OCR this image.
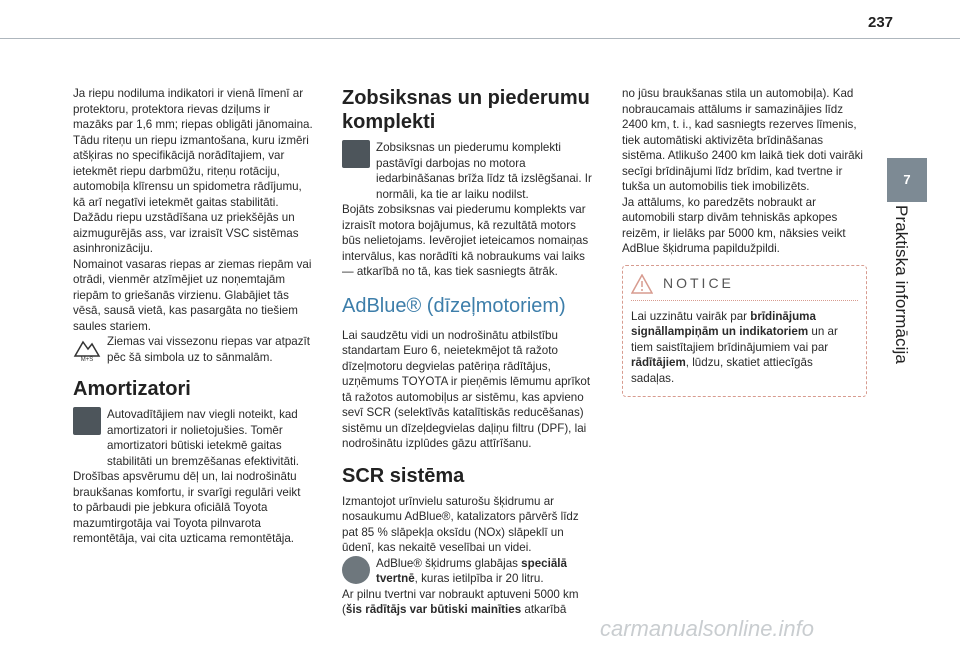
237
7
Praktiska informācija

Ja riepu nodiluma indikatori ir vienā līmenī ar protektoru, protektora rievas dziļums ir mazāks par 1,6 mm; riepas obligāti jānomaina.

Tādu riteņu un riepu izmantošana, kuru izmēri atšķiras no specifikācijā norādītajiem, var ietekmēt riepu darbmūžu, riteņu rotāciju, automobiļa klīrensu un spidometra rādījumu, kā arī negatīvi ietekmēt gaitas stabilitāti.

Dažādu riepu uzstādīšana uz priekšējās un aizmugurējās ass, var izraisīt VSC sistēmas asinhronizāciju.

Nomainot vasaras riepas ar ziemas riepām vai otrādi, vienmēr atzīmējiet uz noņemtajām riepām to griešanās virzienu. Glabājiet tās vēsā, sausā vietā, kas pasargāta no tiešiem saules stariem.

M+S

Ziemas vai vissezonu riepas var atpazīt pēc šā simbola uz to sānmalām.

Amortizatori

Autovadītājiem nav viegli noteikt, kad amortizatori ir nolietojušies. Tomēr amortizatori būtiski ietekmē gaitas stabilitāti un bremzēšanas efektivitāti.

Drošības apsvērumu dēļ un, lai nodrošinātu braukšanas komfortu, ir svarīgi regulāri veikt to pārbaudi pie jebkura oficiālā Toyota mazumtirgotāja vai Toyota pilnvarota remontētāja, vai cita uzticama remontētāja.

Zobsiksnas un piederumu komplekti

Zobsiksnas un piederumu komplekti pastāvīgi darbojas no motora iedarbināšanas brīža līdz tā izslēgšanai. Ir normāli, ka tie ar laiku nodilst.

Bojāts zobsiksnas vai piederumu komplekts var izraisīt motora bojājumus, kā rezultātā motors būs nelietojams. Ievērojiet ieteicamos nomaiņas intervālus, kas norādīti kā nobraukums vai laiks — atkarībā no tā, kas tiek sasniegts ātrāk.

AdBlue® (dīzeļmotoriem)

Lai saudzētu vidi un nodrošinātu atbilstību standartam Euro 6, neietekmējot tā ražoto dīzeļmotoru degvielas patēriņa rādītājus, uzņēmums TOYOTA ir pieņēmis lēmumu aprīkot tā ražotos automobiļus ar sistēmu, kas apvieno sevī SCR (selektīvās katalītiskās reducēšanas) sistēmu un dīzeļdegvielas daļiņu filtru (DPF), lai nodrošinātu izplūdes gāzu attīrīšanu.

SCR sistēma

Izmantojot urīnvielu saturošu šķidrumu ar nosaukumu AdBlue®, katalizators pārvērš līdz pat 85 % slāpekļa oksīdu (NOx) slāpeklī un ūdenī, kas nekaitē veselībai un videi.

AdBlue® šķidrums glabājas speciālā tvertnē, kuras ietilpība ir 20 litru.

Ar pilnu tvertni var nobraukt aptuveni 5000 km (šis rādītājs var būtiski mainīties atkarībā

no jūsu braukšanas stila un automobiļa). Kad nobraucamais attālums ir samazinājies līdz 2400 km, t. i., kad sasniegts rezerves līmenis, tiek automātiski aktivizēta brīdināšanas sistēma. Atlikušo 2400 km laikā tiek doti vairāki secīgi brīdinājumi līdz brīdim, kad tvertne ir tukša un automobilis tiek imobilizēts.

Ja attālums, ko paredzēts nobraukt ar automobili starp divām tehniskās apkopes reizēm, ir lielāks par 5000 km, nāksies veikt AdBlue šķidruma papildužpildi.

NOTICE

Lai uzzinātu vairāk par brīdinājuma signāllampiņām un indikatoriem un ar tiem saistītajiem brīdinājumiem vai par rādītājiem, lūdzu, skatiet attiecīgās sadaļas.

carmanualsonline.info
